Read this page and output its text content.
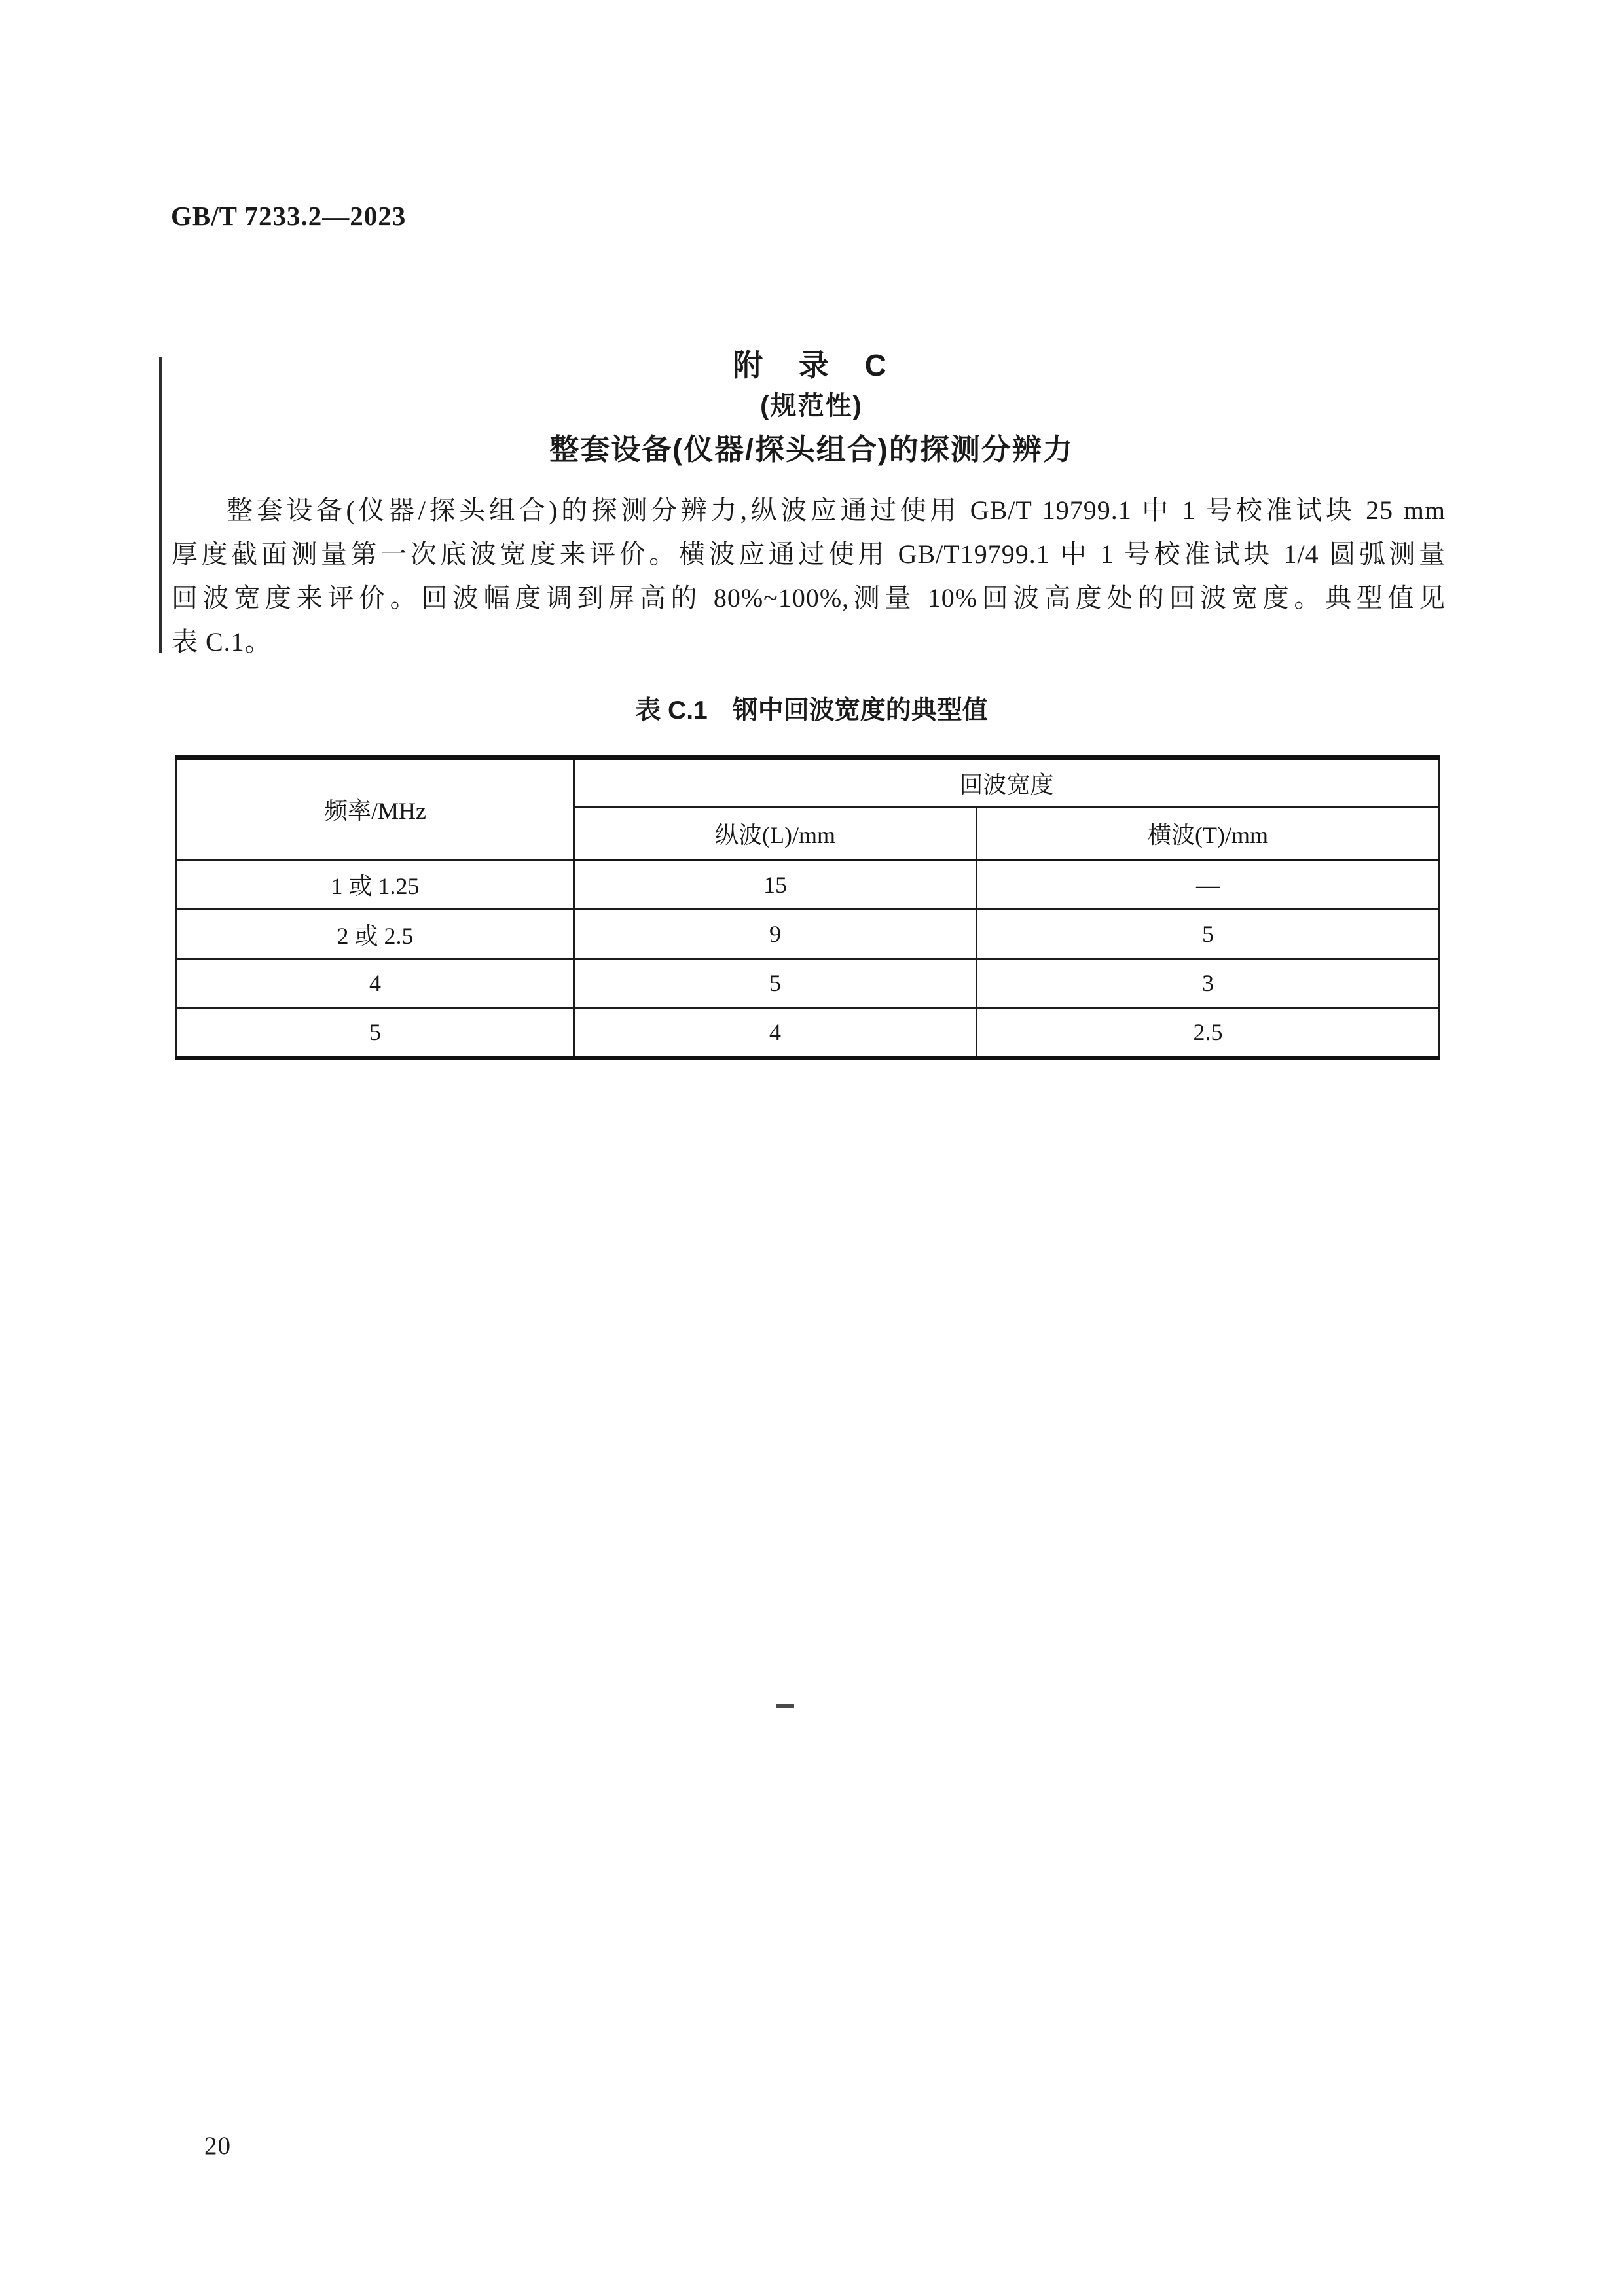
GB/T 7233.2—2023
附 录 C
(规范性)
整套设备(仪器/探头组合)的探测分辨力
整套设备(仪器/探头组合)的探测分辨力,纵波应通过使用 GB/T 19799.1 中 1 号校准试块 25 mm
厚度截面测量第一次底波宽度来评价。横波应通过使用 GB/T19799.1 中 1 号校准试块 1/4 圆弧测量
回波宽度来评价。回波幅度调到屏高的 80%~100%,测量 10%回波高度处的回波宽度。典型值见
表 C.1。
表 C.1 钢中回波宽度的典型值
频率/MHz	回波宽度	
	纵波(L)/mm	横波(T)/mm
1 或 1.25	15	—
2 或 2.5	9	5
4	5	3
5	4	2.5
20
